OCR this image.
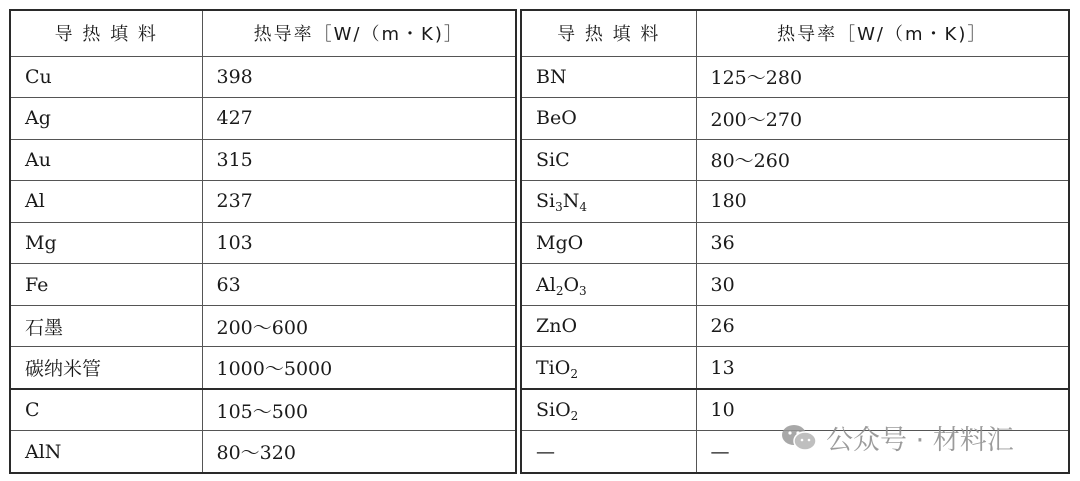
导 热 填 料	热导率［W/（m・K)］
Cu	398
Ag	427
Au	315
Al	237
Mg	103
Fe	63
石墨	200～600
碳纳米管	1000～5000
C	105～500
AlN	80～320
导 热 填 料	热导率［W/（m・K)］
BN	125～280
BeO	200～270
SiC	80～260
$Si_3N_4$	180
MgO	36
$Al_2O_3$	30
ZnO	26
TiO$_2$	13
SiO$_2$	10
—	—	公众号 · 材料汇
